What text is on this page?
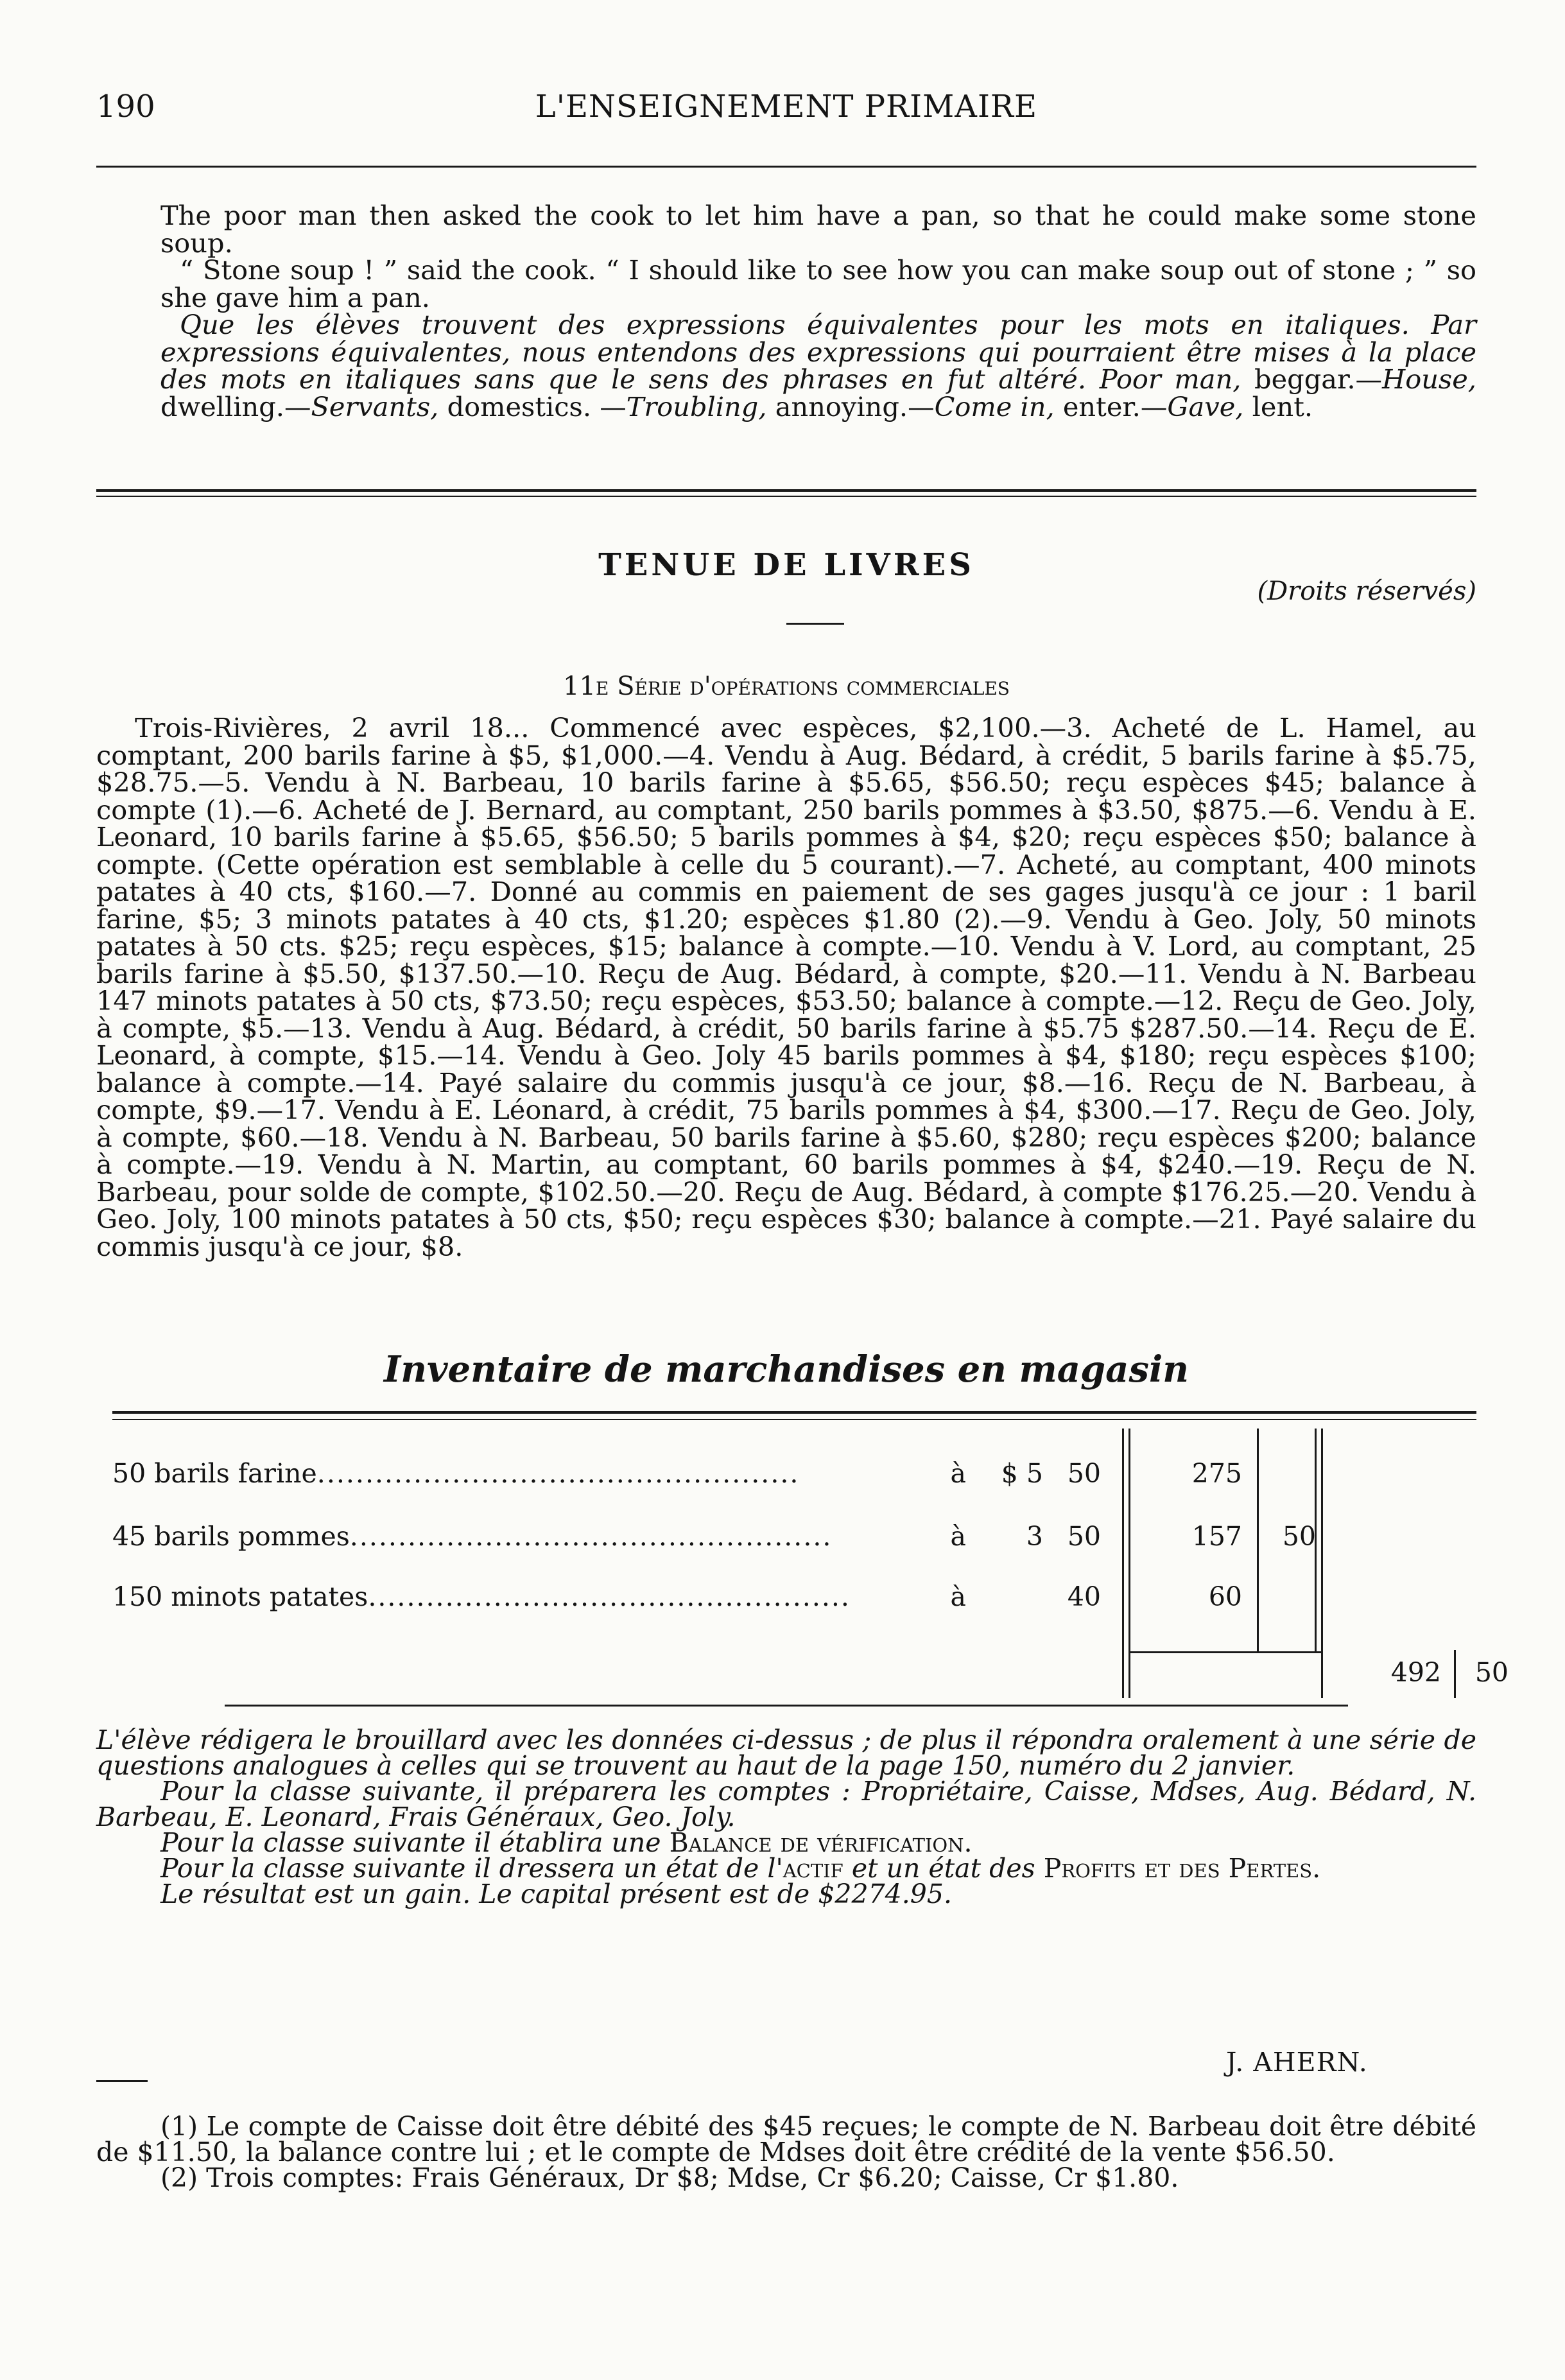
190	L'ENSEIGNEMENT PRIMAIRE

The poor man then asked the cook to let him have a pan, so that he could make some stone soup.

“ Stone soup ! ” said the cook. “ I should like to see how you can make soup out of stone ; ” so she gave him a pan.

Que les élèves trouvent des expressions équivalentes pour les mots en italiques. Par expressions équivalentes, nous entendons des expressions qui pourraient être mises à la place des mots en italiques sans que le sens des phrases en fut altéré. Poor man, beggar.—House, dwelling.—Servants, domestics. —Troubling, annoying.—Come in, enter.—Gave, lent.

TENUE DE LIVRES
(Droits réservés)
11e Série d'opérations commerciales

Trois-Rivières, 2 avril 18... Commencé avec espèces, $2,100.—3. Acheté de L. Hamel, au comptant, 200 barils farine à $5, $1,000.—4. Vendu à Aug. Bédard, à crédit, 5 barils farine à $5.75, $28.75.—5. Vendu à N. Barbeau, 10 barils farine à $5.65, $56.50; reçu espèces $45; balance à compte (1).—6. Acheté de J. Bernard, au comptant, 250 barils pommes à $3.50, $875.—6. Vendu à E. Leonard, 10 barils farine à $5.65, $56.50; 5 barils pommes à $4, $20; reçu espèces $50; balance à compte. (Cette opération est semblable à celle du 5 courant).—7. Acheté, au comptant, 400 minots patates à 40 cts, $160.—7. Donné au commis en paiement de ses gages jusqu'à ce jour : 1 baril farine, $5; 3 minots patates à 40 cts, $1.20; espèces $1.80 (2).—9. Vendu à Geo. Joly, 50 minots patates à 50 cts. $25; reçu espèces, $15; balance à compte.—10. Vendu à V. Lord, au comptant, 25 barils farine à $5.50, $137.50.—10. Reçu de Aug. Bédard, à compte, $20.—11. Vendu à N. Barbeau 147 minots patates à 50 cts, $73.50; reçu espèces, $53.50; balance à compte.—12. Reçu de Geo. Joly, à compte, $5.—13. Vendu à Aug. Bédard, à crédit, 50 barils farine à $5.75 $287.50.—14. Reçu de E. Leonard, à compte, $15.—14. Vendu à Geo. Joly 45 barils pommes à $4, $180; reçu espèces $100; balance à compte.—14. Payé salaire du commis jusqu'à ce jour, $8.—16. Reçu de N. Barbeau, à compte, $9.—17. Vendu à E. Léonard, à crédit, 75 barils pommes à $4, $300.—17. Reçu de Geo. Joly, à compte, $60.—18. Vendu à N. Barbeau, 50 barils farine à $5.60, $280; reçu espèces $200; balance à compte.—19. Vendu à N. Martin, au comptant, 60 barils pommes à $4, $240.—19. Reçu de N. Barbeau, pour solde de compte, $102.50.—20. Reçu de Aug. Bédard, à compte $176.25.—20. Vendu à Geo. Joly, 100 minots patates à 50 cts, $50; reçu espèces $30; balance à compte.—21. Payé salaire du commis jusqu'à ce jour, $8.

Inventaire de marchandises en magasin
50 barils farine..................................................	à	$ 5 50	275
45 barils pommes..................................................	à	3 50	157	50
150 minots patates..................................................	à	40	60
492	50

L'élève rédigera le brouillard avec les données ci-dessus ; de plus il répondra oralement à une série de questions analogues à celles qui se trouvent au haut de la page 150, numéro du 2 janvier.

Pour la classe suivante, il préparera les comptes : Propriétaire, Caisse, Mdses, Aug. Bédard, N. Barbeau, E. Leonard, Frais Généraux, Geo. Joly.

Pour la classe suivante il établira une Balance de vérification.

Pour la classe suivante il dressera un état de l'actif et un état des Profits et des Pertes.

Le résultat est un gain. Le capital présent est de $2274.95.

J. AHERN.

(1) Le compte de Caisse doit être débité des $45 reçues; le compte de N. Barbeau doit être débité de $11.50, la balance contre lui ; et le compte de Mdses doit être crédité de la vente $56.50.

(2) Trois comptes: Frais Généraux, Dr $8; Mdse, Cr $6.20; Caisse, Cr $1.80.
